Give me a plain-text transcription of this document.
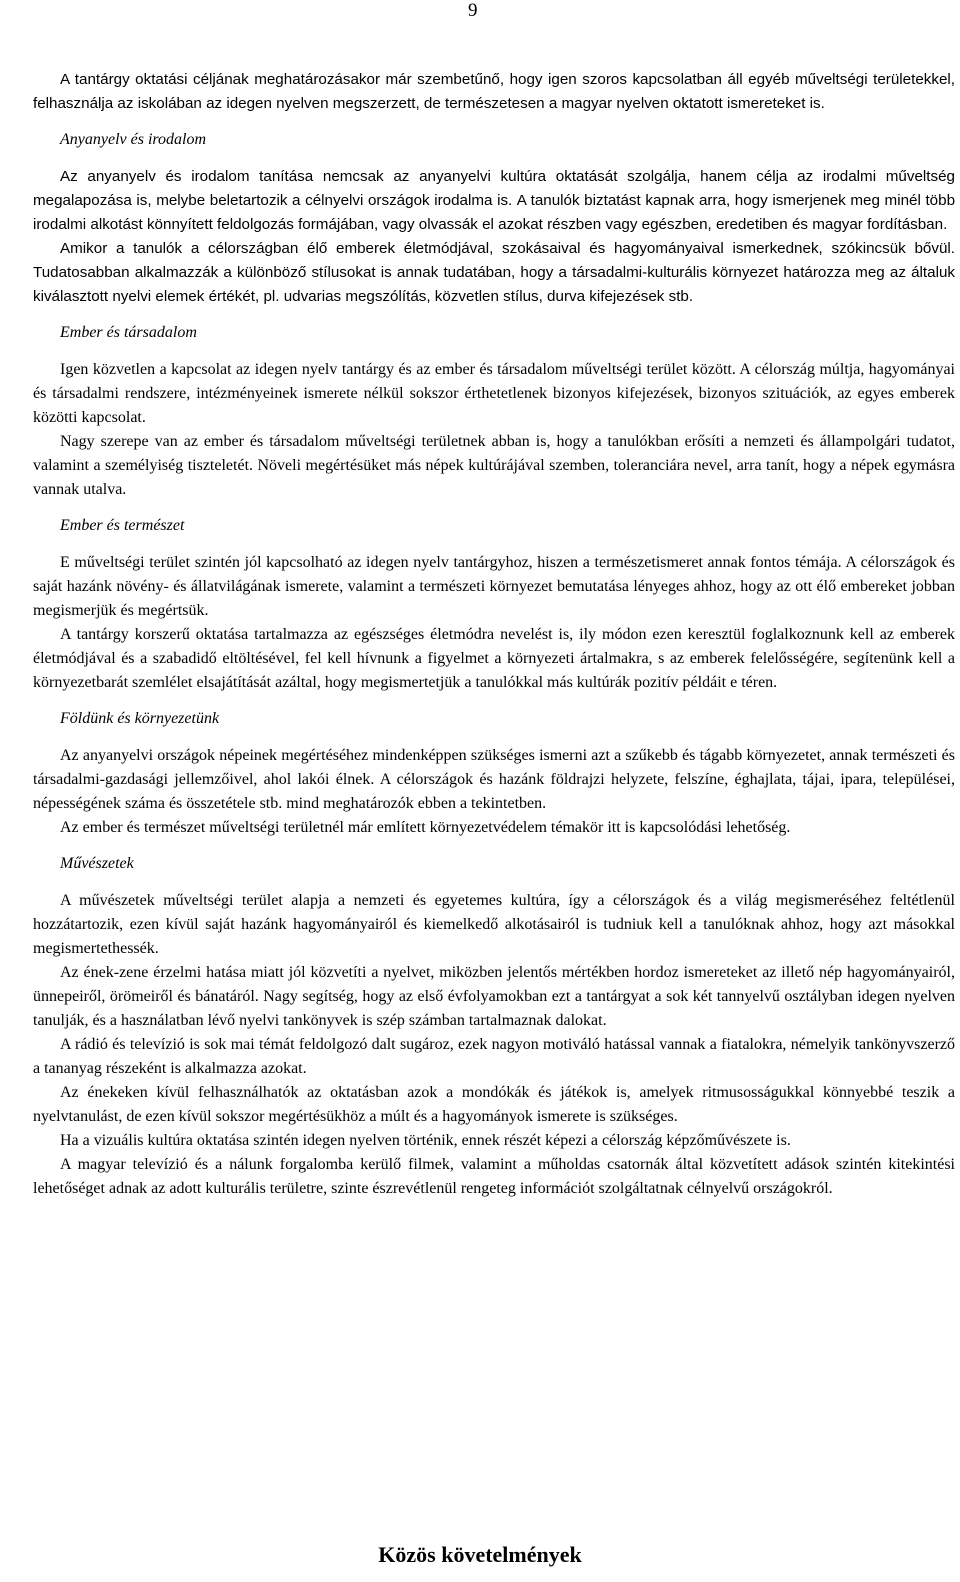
9

A tantárgy oktatási céljának meghatározásakor már szembetűnő, hogy igen szoros kapcsolatban áll egyéb műveltségi területekkel, felhasználja az iskolában az idegen nyelven megszerzett, de természetesen a magyar nyelven oktatott ismereteket is.

Anyanyelv és irodalom

Az anyanyelv és irodalom tanítása nemcsak az anyanyelvi kultúra oktatását szolgálja, hanem célja az irodalmi műveltség megalapozása is, melybe beletartozik a célnyelvi országok irodalma is. A tanulók biztatást kapnak arra, hogy ismerjenek meg minél több irodalmi alkotást könnyített feldolgozás formájában, vagy olvassák el azokat részben vagy egészben, eredetiben és magyar fordításban.

Amikor a tanulók a célországban élő emberek életmódjával, szokásaival és hagyományaival ismerkednek, szókincsük bővül. Tudatosabban alkalmazzák a különböző stílusokat is annak tudatában, hogy a társadalmi-kulturális környezet határozza meg az általuk kiválasztott nyelvi elemek értékét, pl. udvarias megszólítás, közvetlen stílus, durva kifejezések stb.

Ember és társadalom

Igen közvetlen a kapcsolat az idegen nyelv tantárgy és az ember és társadalom műveltségi terület között. A célország múltja, hagyományai és társadalmi rendszere, intézményeinek ismerete nélkül sokszor érthetetlenek bizonyos kifejezések, bizonyos szituációk, az egyes emberek közötti kapcsolat.

Nagy szerepe van az ember és társadalom műveltségi területnek abban is, hogy a tanulókban erősíti a nemzeti és állampolgári tudatot, valamint a személyiség tiszteletét. Növeli megértésüket más népek kultúrájával szemben, toleranciára nevel, arra tanít, hogy a népek egymásra vannak utalva.

Ember és természet

E műveltségi terület szintén jól kapcsolható az idegen nyelv tantárgyhoz, hiszen a természetismeret annak fontos témája. A célországok és saját hazánk növény- és állatvilágának ismerete, valamint a természeti környezet bemutatása lényeges ahhoz, hogy az ott élő embereket jobban megismerjük és megértsük.

A tantárgy korszerű oktatása tartalmazza az egészséges életmódra nevelést is, ily módon ezen keresztül foglalkoznunk kell az emberek életmódjával és a szabadidő eltöltésével, fel kell hívnunk a figyelmet a környezeti ártalmakra, s az emberek felelősségére, segítenünk kell a környezetbarát szemlélet elsajátítását azáltal, hogy megismertetjük a tanulókkal más kultúrák pozitív példáit e téren.

Földünk és környezetünk

Az anyanyelvi országok népeinek megértéséhez mindenképpen szükséges ismerni azt a szűkebb és tágabb környezetet, annak természeti és társadalmi-gazdasági jellemzőivel, ahol lakói élnek. A célországok és hazánk földrajzi helyzete, felszíne, éghajlata, tájai, ipara, települései, népességének száma és összetétele stb. mind meghatározók ebben a tekintetben.

Az ember és természet műveltségi területnél már említett környezetvédelem témakör itt is kapcsolódási lehetőség.

Művészetek

A művészetek műveltségi terület alapja a nemzeti és egyetemes kultúra, így a célországok és a világ megismeréséhez feltétlenül hozzátartozik, ezen kívül saját hazánk hagyományairól és kiemelkedő alkotásairól is tudniuk kell a tanulóknak ahhoz, hogy azt másokkal megismertethessék.

Az ének-zene érzelmi hatása miatt jól közvetíti a nyelvet, miközben jelentős mértékben hordoz ismereteket az illető nép hagyományairól, ünnepeiről, örömeiről és bánatáról. Nagy segítség, hogy az első évfolyamokban ezt a tantárgyat a sok két tannyelvű osztályban idegen nyelven tanulják, és a használatban lévő nyelvi tankönyvek is szép számban tartalmaznak dalokat.

A rádió és televízió is sok mai témát feldolgozó dalt sugároz, ezek nagyon motiváló hatással vannak a fiatalokra, némelyik tankönyvszerző a tananyag részeként is alkalmazza azokat.

Az énekeken kívül felhasználhatók az oktatásban azok a mondókák és játékok is, amelyek ritmusosságukkal könnyebbé teszik a nyelvtanulást, de ezen kívül sokszor megértésükhöz a múlt és a hagyományok ismerete is szükséges.

Ha a vizuális kultúra oktatása szintén idegen nyelven történik, ennek részét képezi a célország képzőművészete is.

A magyar televízió és a nálunk forgalomba kerülő filmek, valamint a műholdas csatornák által közvetített adások szintén kitekintési lehetőséget adnak az adott kulturális területre, szinte észrevétlenül rengeteg információt szolgáltatnak célnyelvű országokról.

Közös követelmények
